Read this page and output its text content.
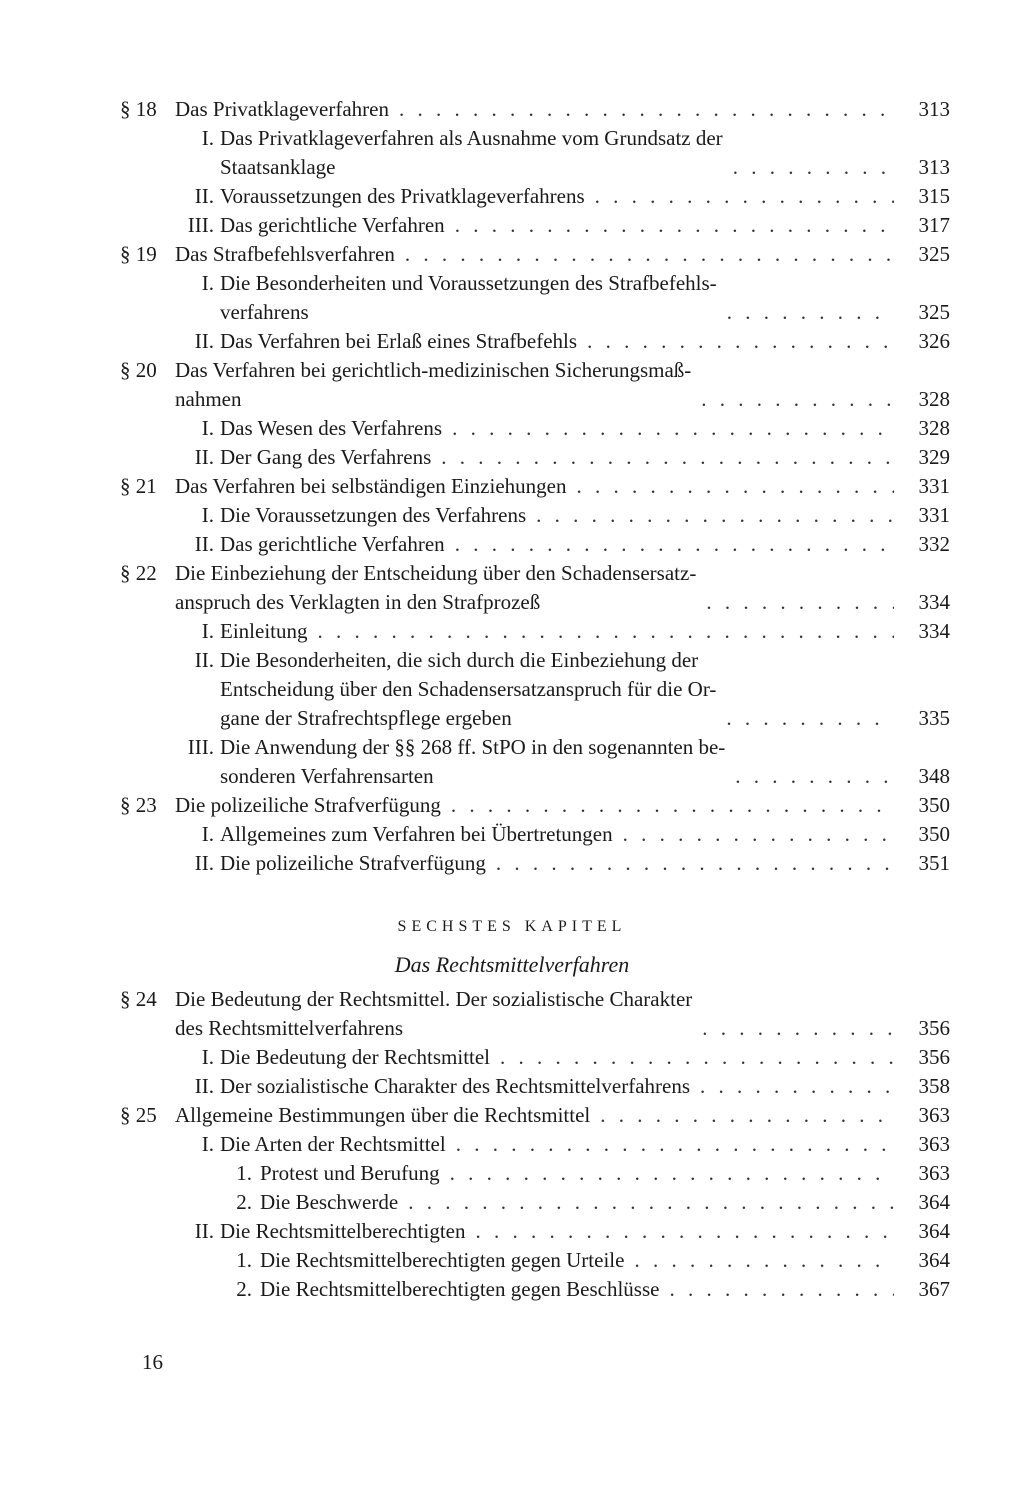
§ 18 Das Privatklageverfahren . . .	313
I. Das Privatklageverfahren als Ausnahme vom Grundsatz der
Staatsanklage . . .	313
II. Voraussetzungen des Privatklageverfahrens . . .	315
III. Das gerichtliche Verfahren . . .	317
§ 19 Das Strafbefehlsverfahren . . .	325
I. Die Besonderheiten und Voraussetzungen des Strafbefehls-
verfahrens . . .	325
II. Das Verfahren bei Erlaß eines Strafbefehls . . .	326
§ 20 Das Verfahren bei gerichtlich-medizinischen Sicherungsmaß-
nahmen . . .	328
I. Das Wesen des Verfahrens . . .	328
II. Der Gang des Verfahrens . . .	329
§ 21 Das Verfahren bei selbständigen Einziehungen . . .	331
I. Die Voraussetzungen des Verfahrens . . .	331
II. Das gerichtliche Verfahren . . .	332
§ 22 Die Einbeziehung der Entscheidung über den Schadensersatz-
anspruch des Verklagten in den Strafprozeß . . .	334
I. Einleitung . . .	334
II. Die Besonderheiten, die sich durch die Einbeziehung der
Entscheidung über den Schadensersatzanspruch für die Or-
gane der Strafrechtspflege ergeben . . .	335
III. Die Anwendung der §§ 268 ff. StPO in den sogenannten be-
sonderen Verfahrensarten . . .	348
§ 23 Die polizeiliche Strafverfügung . . .	350
I. Allgemeines zum Verfahren bei Übertretungen . . .	350
II. Die polizeiliche Strafverfügung . . .	351
SECHSTES KAPITEL
Das Rechtsmittelverfahren
§ 24 Die Bedeutung der Rechtsmittel. Der sozialistische Charakter
des Rechtsmittelverfahrens . . .	356
I. Die Bedeutung der Rechtsmittel . . .	356
II. Der sozialistische Charakter des Rechtsmittelverfahrens . . .	358
§ 25 Allgemeine Bestimmungen über die Rechtsmittel . . .	363
I. Die Arten der Rechtsmittel . . .	363
1. Protest und Berufung . . .	363
2. Die Beschwerde . . .	364
II. Die Rechtsmittelberechtigten . . .	364
1. Die Rechtsmittelberechtigten gegen Urteile . . .	364
2. Die Rechtsmittelberechtigten gegen Beschlüsse . . .	367
16
